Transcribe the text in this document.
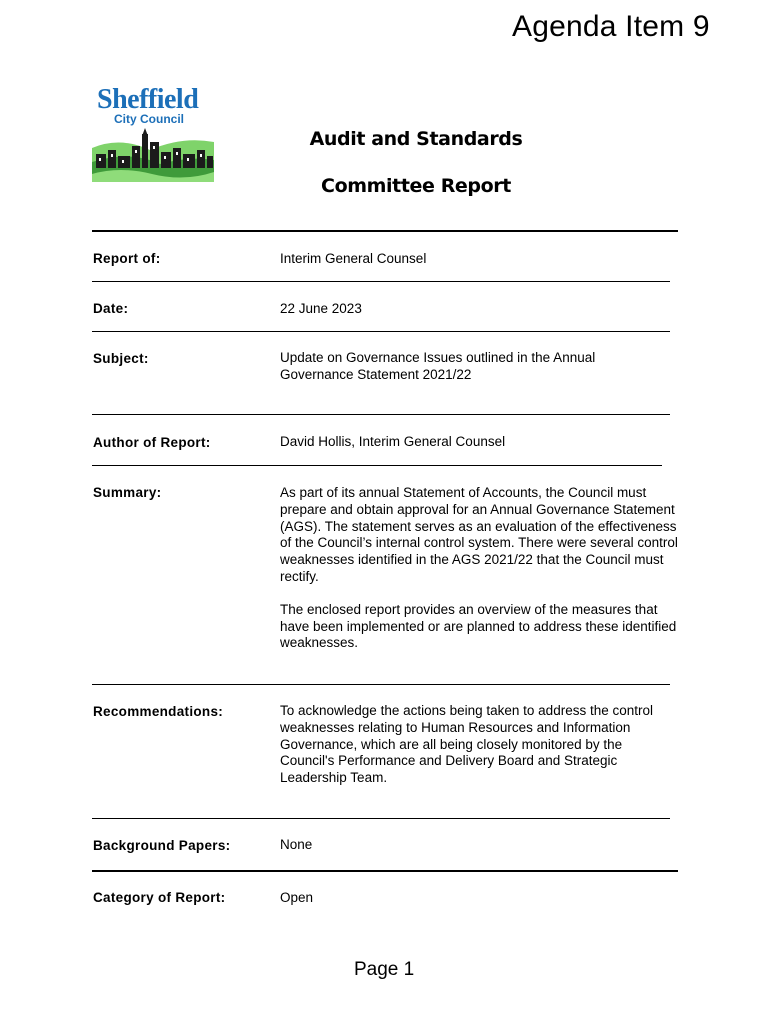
Agenda Item 9
Sheffield
City Council
Audit and Standards
Committee Report
Report of:	Interim General Counsel
Date:	22 June 2023
Subject:	Update on Governance Issues outlined in the Annual Governance Statement 2021/22
Author of Report:	David Hollis, Interim General Counsel
Summary:	As part of its annual Statement of Accounts, the Council must prepare and obtain approval for an Annual Governance Statement (AGS). The statement serves as an evaluation of the effectiveness of the Council’s internal control system. There were several control weaknesses identified in the AGS 2021/22 that the Council must rectify.

The enclosed report provides an overview of the measures that have been implemented or are planned to address these identified weaknesses.

Recommendations:	To acknowledge the actions being taken to address the control weaknesses relating to Human Resources and Information Governance, which are all being closely monitored by the Council's Performance and Delivery Board and Strategic Leadership Team.
Background Papers:	None
Category of Report:	Open
Page 1
